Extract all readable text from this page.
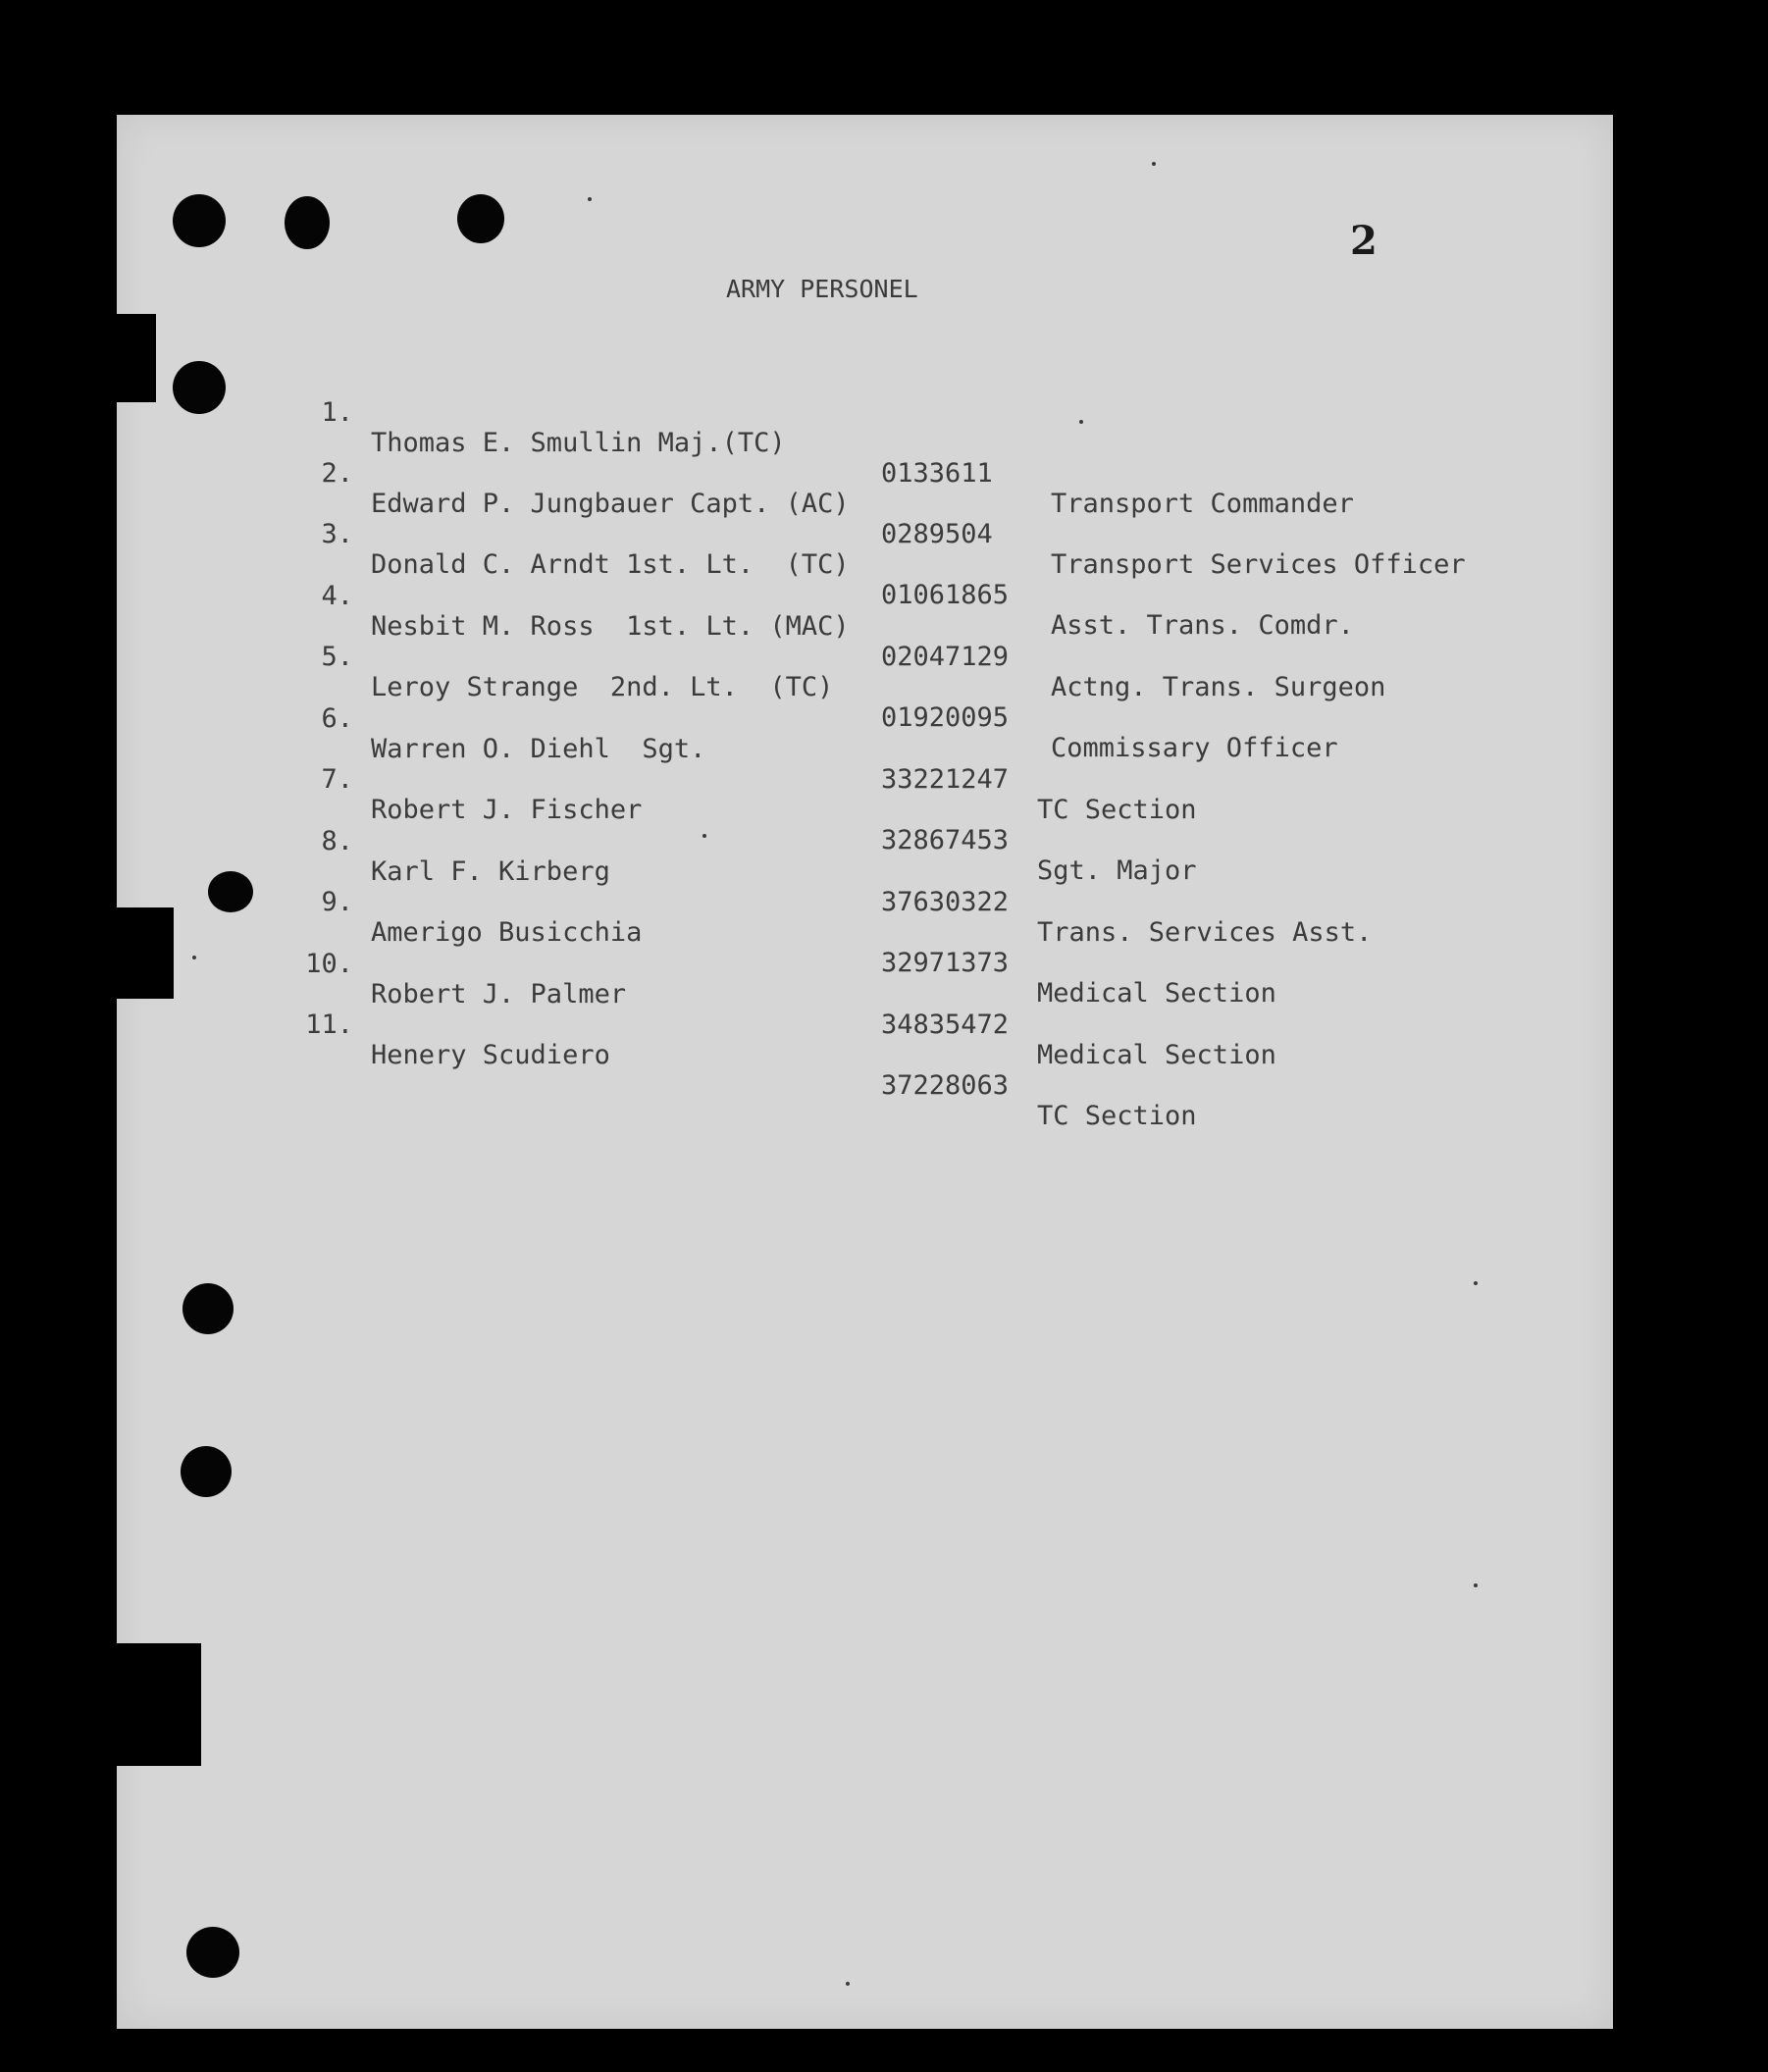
2
ARMY PERSONEL

1.

Thomas E. Smullin Maj.(TC)

0133611

Transport Commander

2.

Edward P. Jungbauer Capt. (AC)

0289504

Transport Services Officer

3.

Donald C. Arndt 1st. Lt.  (TC)

01061865

Asst. Trans. Comdr.

4.

Nesbit M. Ross  1st. Lt. (MAC)

02047129

Actng. Trans. Surgeon

5.

Leroy Strange  2nd. Lt.  (TC)

01920095

Commissary Officer

6.

Warren O. Diehl  Sgt.

33221247

TC Section

7.

Robert J. Fischer

32867453

Sgt. Major

8.

Karl F. Kirberg

37630322

Trans. Services Asst.

9.

Amerigo Busicchia

32971373

Medical Section

10.

Robert J. Palmer

34835472

Medical Section

11.

Henery Scudiero

37228063

TC Section
